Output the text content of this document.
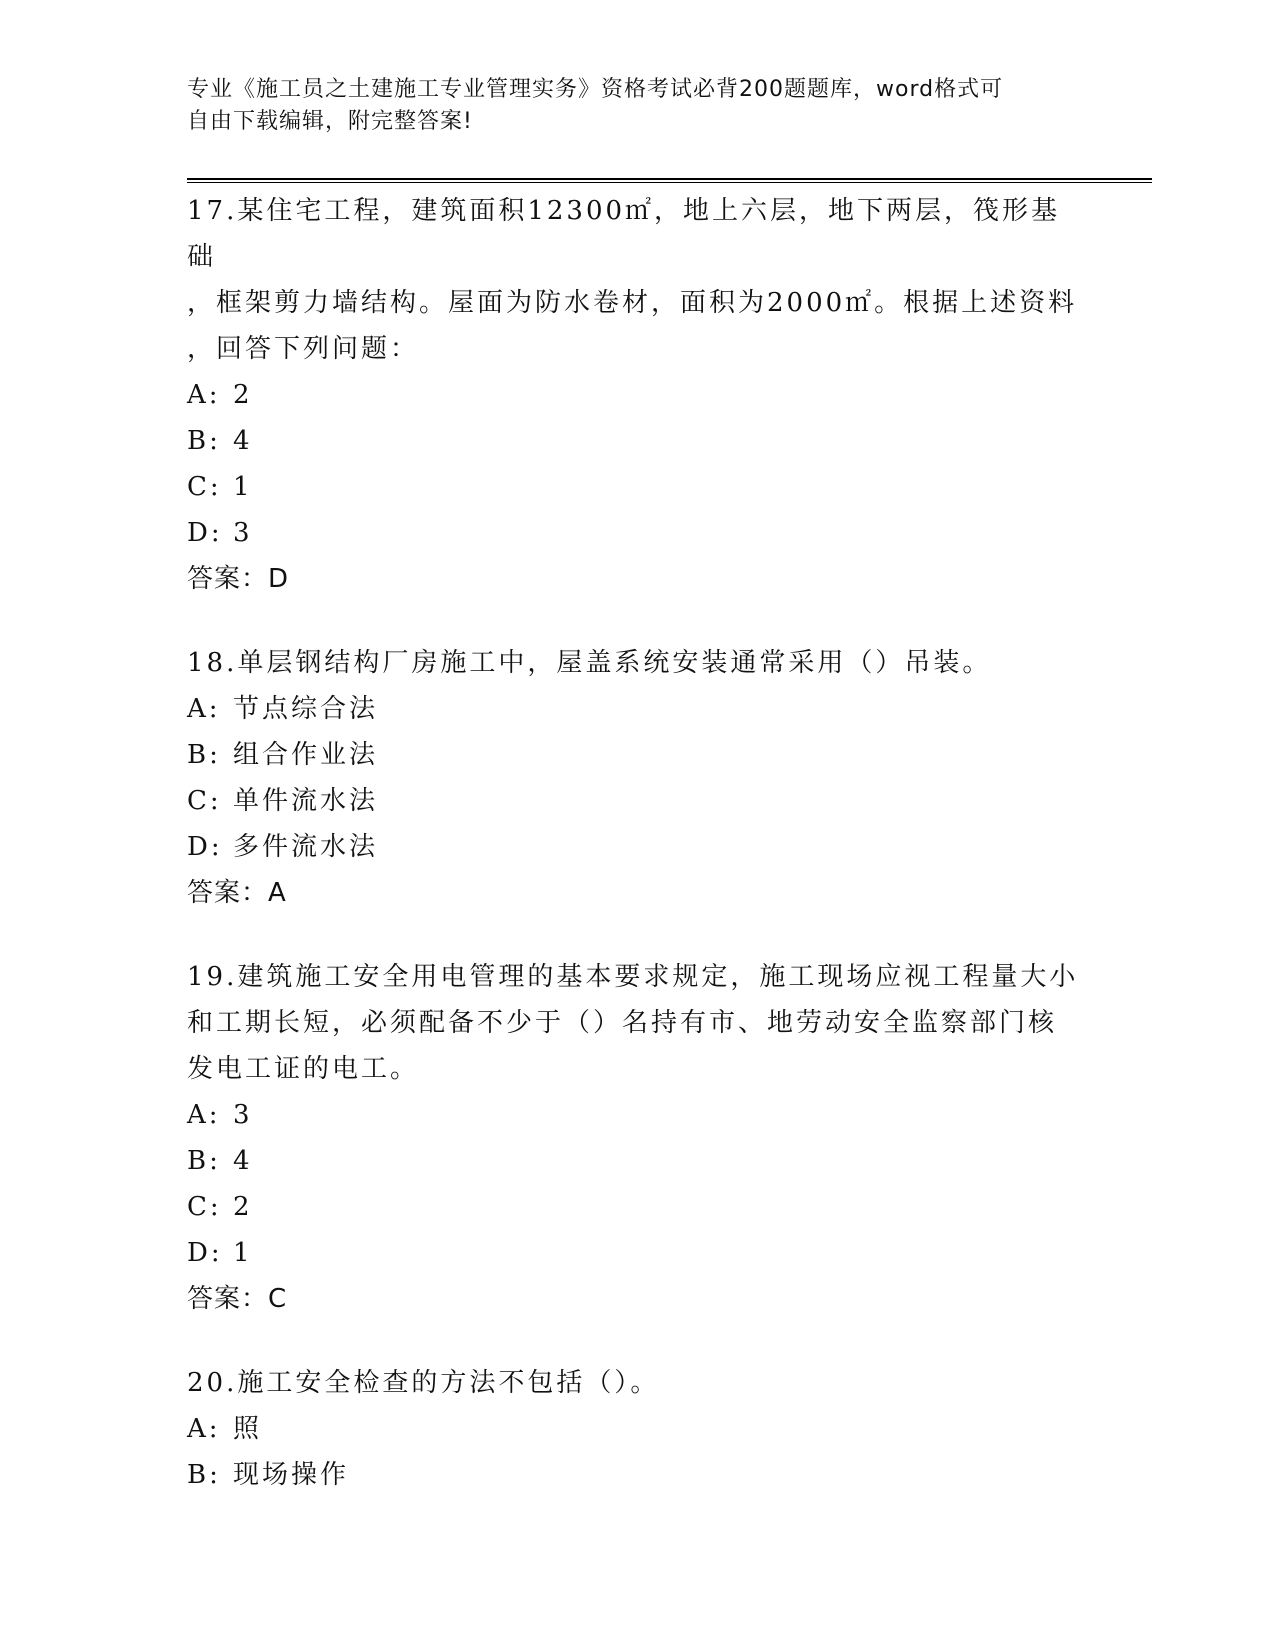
专业《施工员之土建施工专业管理实务》资格考试必背200题题库，word格式可
自由下载编辑，附完整答案!
17.某住宅工程，建筑面积12300㎡，地上六层，地下两层，筏形基础
，框架剪力墙结构。屋面为防水卷材，面积为2000㎡。根据上述资料
，回答下列问题：
A: 2
B: 4
C: 1
D: 3
答案：D
18.单层钢结构厂房施工中，屋盖系统安装通常采用（）吊装。
A: 节点综合法
B: 组合作业法
C: 单件流水法
D: 多件流水法
答案：A
19.建筑施工安全用电管理的基本要求规定，施工现场应视工程量大小
和工期长短，必须配备不少于（）名持有市、地劳动安全监察部门核
发电工证的电工。
A: 3
B: 4
C: 2
D: 1
答案：C
20.施工安全检查的方法不包括（）。
A: 照
B: 现场操作
